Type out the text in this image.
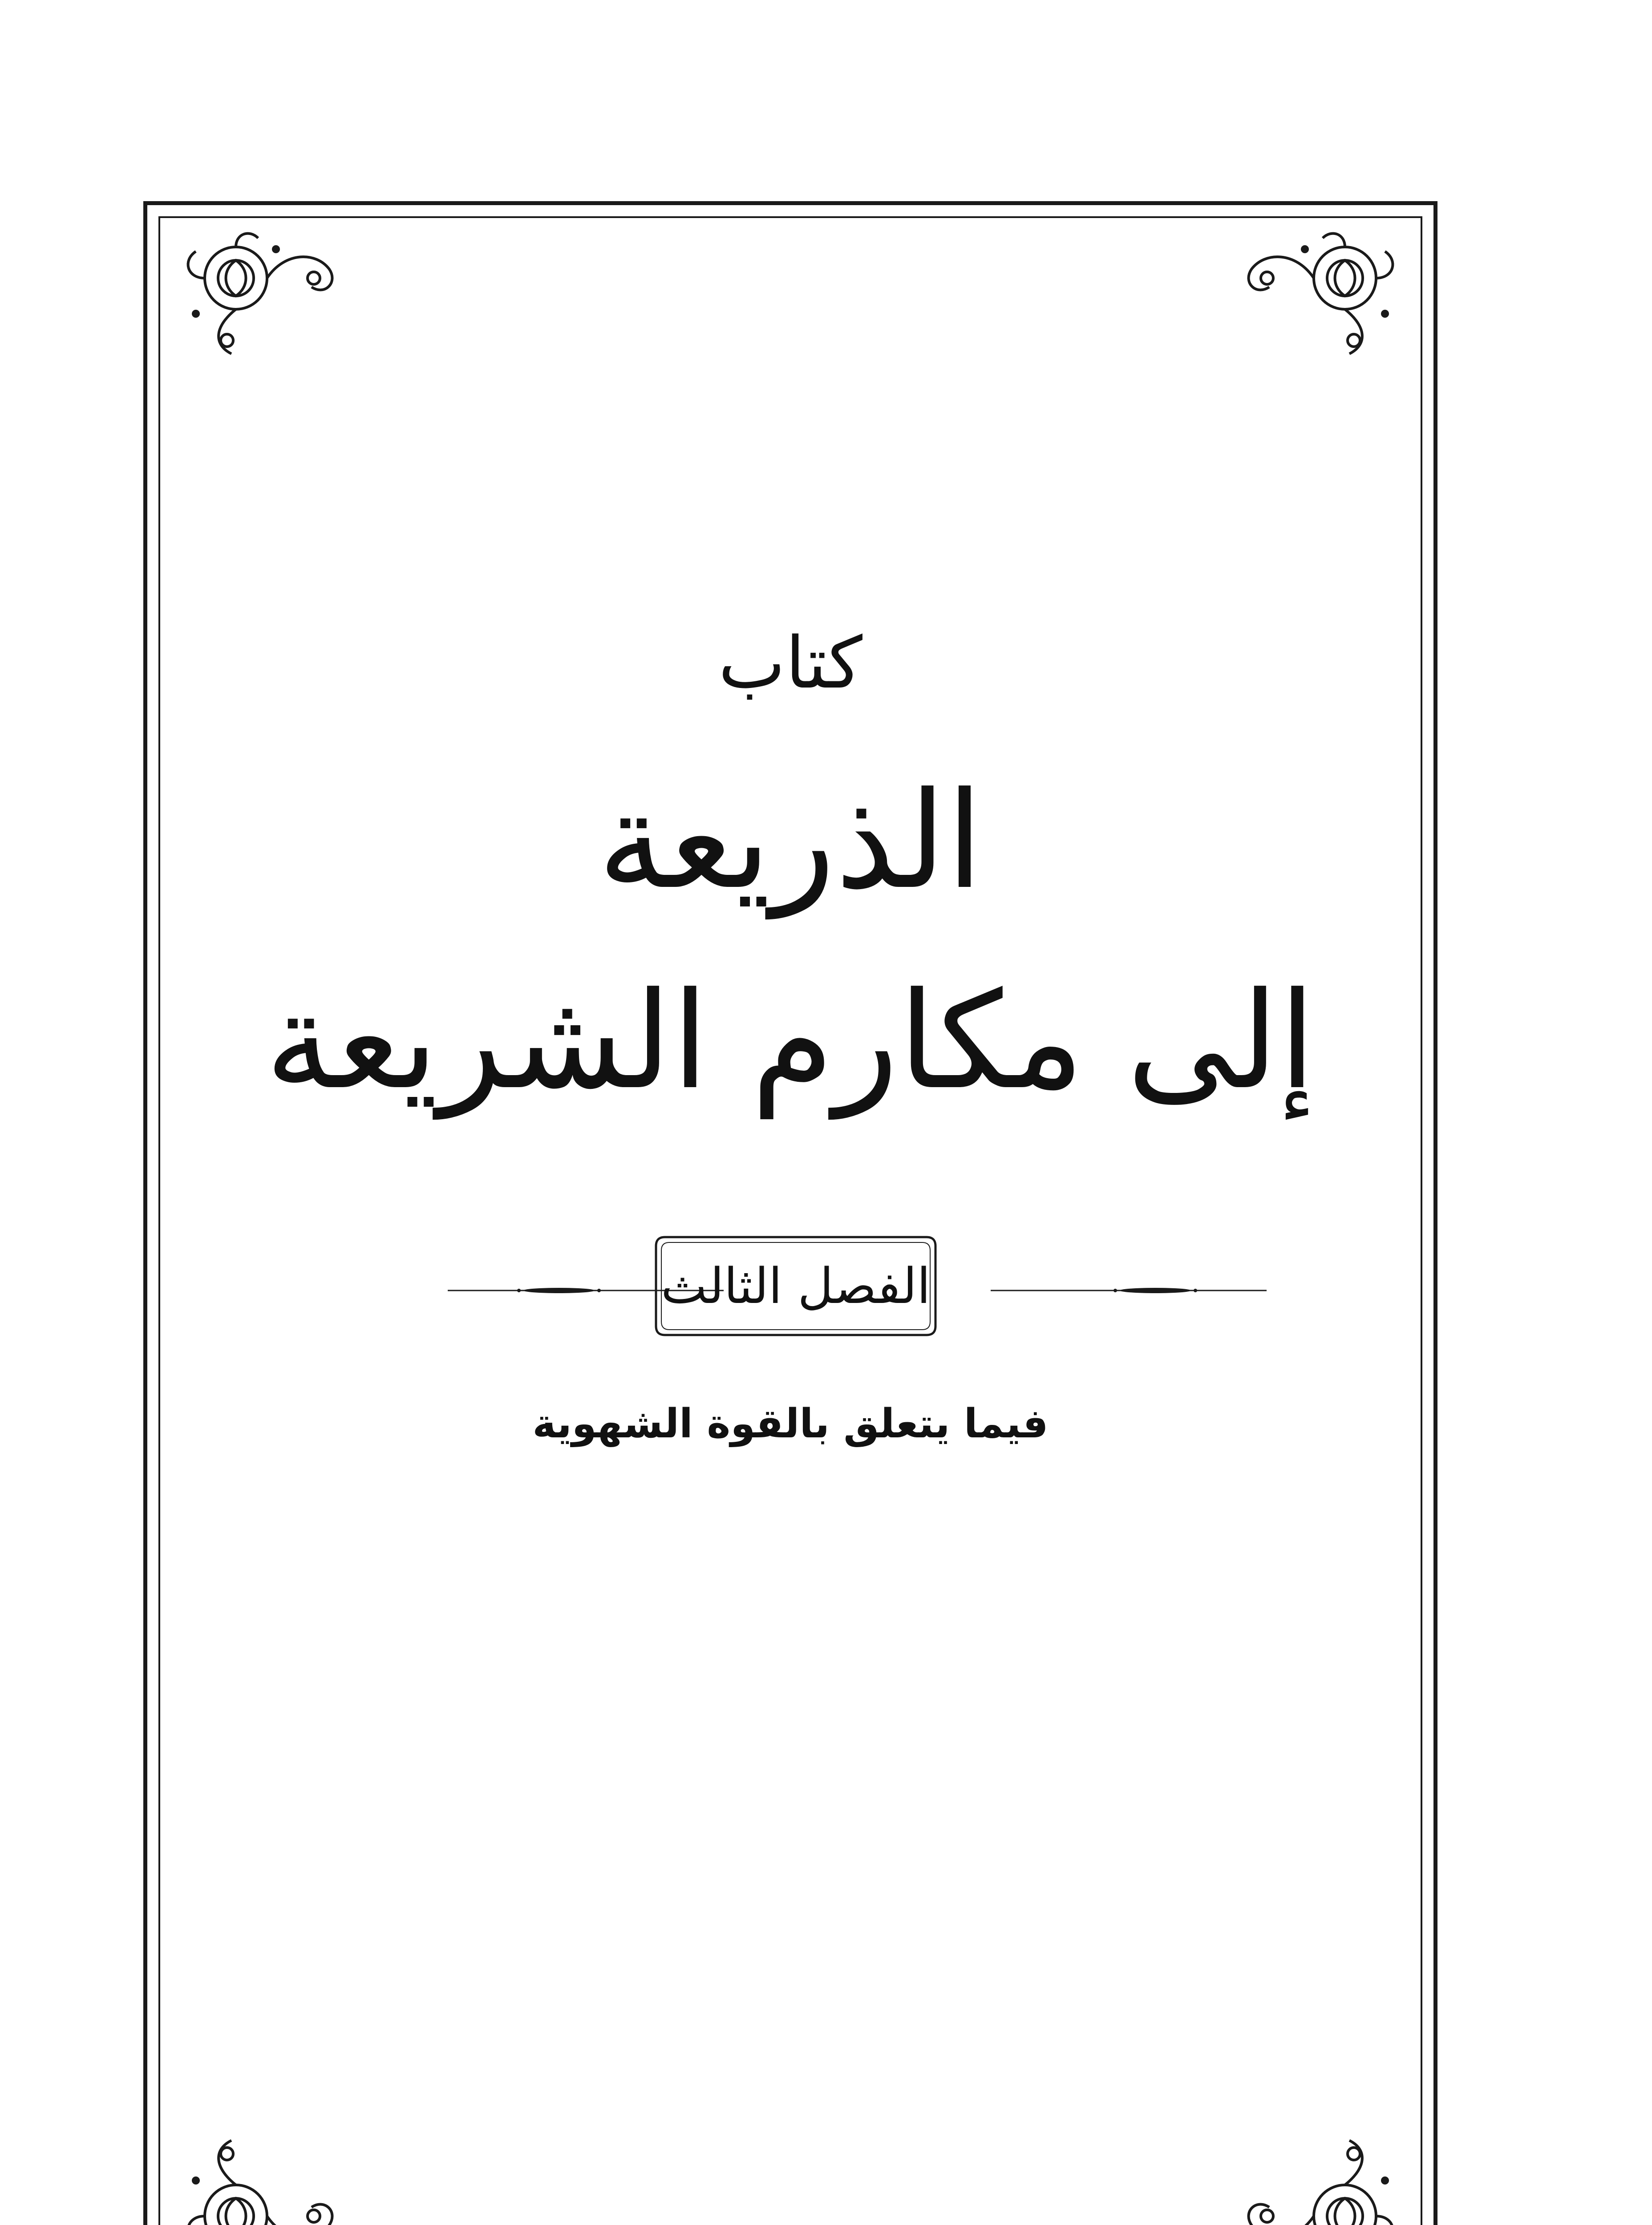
كتاب
الذريعة
إلى مكارم الشريعة
الفصل الثالث
فيما يتعلق بالقوة الشهوية
